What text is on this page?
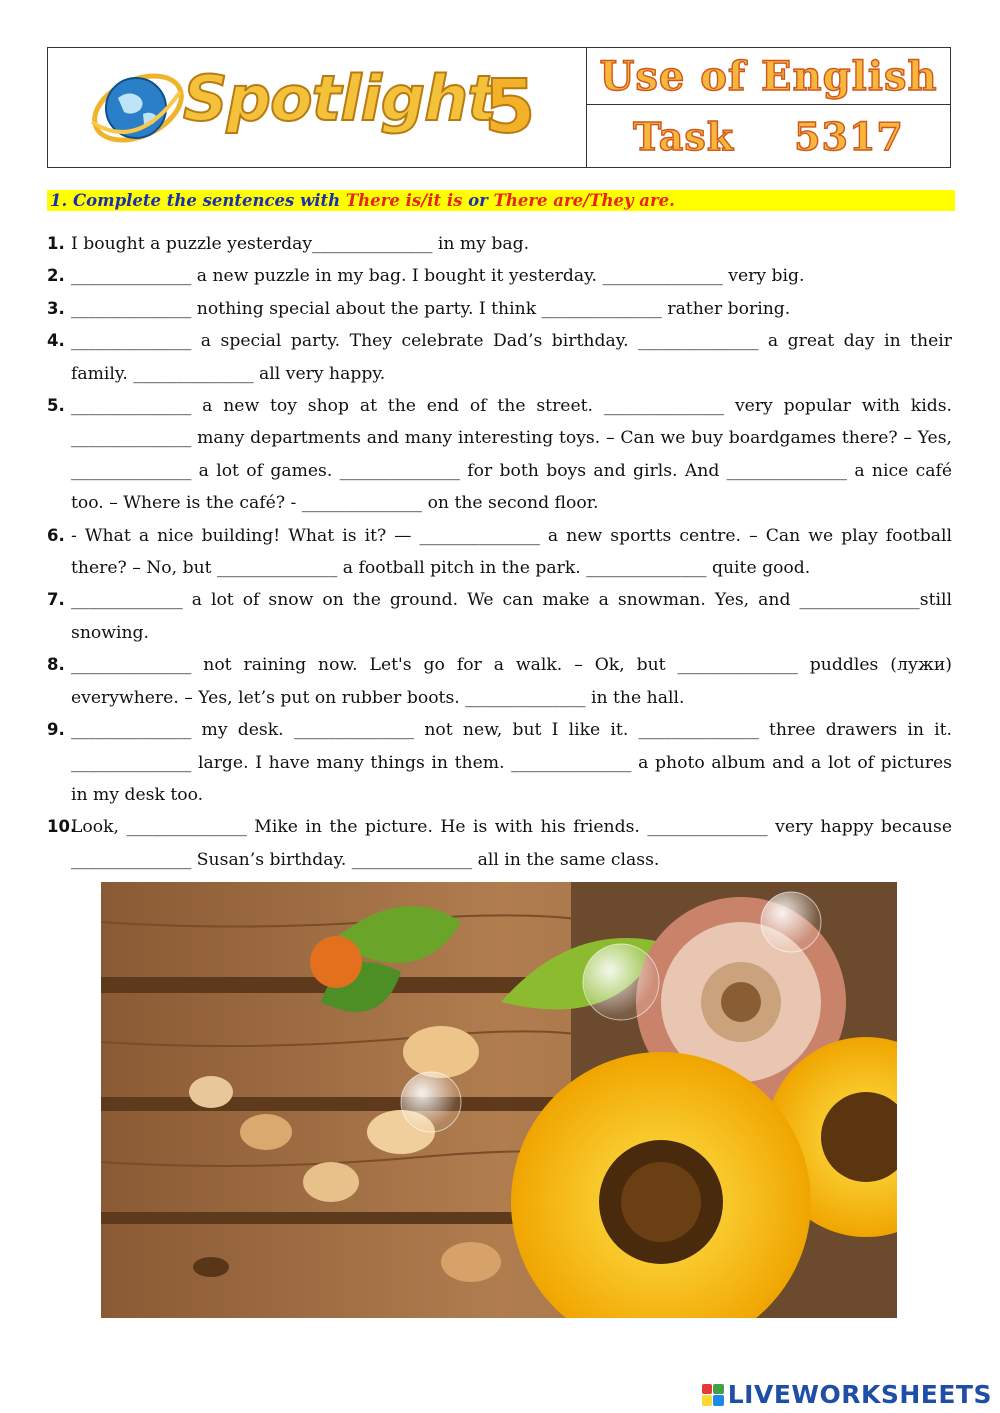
Spotlight
5 Use of English
Task 5317
1. Complete the sentences with There is/it is or There are/They are.
1. I bought a puzzle yesterday______________ in my bag.
2. ______________ a new puzzle in my bag. I bought it yesterday. ______________ very big.
3. ______________ nothing special about the party. I think ______________ rather boring.
4. ______________ a special party. They celebrate Dad’s birthday. ______________ a great day in their family. ______________ all very happy.
5. ______________ a new toy shop at the end of the street. ______________ very popular with kids. ______________ many departments and many interesting toys. – Can we buy boardgames there? – Yes, ______________ a lot of games. ______________ for both boys and girls. And ______________ a nice café too. – Where is the café? - ______________ on the second floor.
6. - What a nice building! What is it? — ______________ a new sportts centre. – Can we play football there? – No, but ______________ a football pitch in the park. ______________ quite good.
7. _____________ a lot of snow on the ground. We can make a snowman. Yes, and ______________still snowing.
8. ______________ not raining now. Let's go for a walk. – Ok, but ______________ puddles (лужи) everywhere. – Yes, let’s put on rubber boots. ______________ in the hall.
9. ______________ my desk. ______________ not new, but I like it. ______________ three drawers in it. ______________ large. I have many things in them. ______________ a photo album and a lot of pictures in my desk too.
10.
Look, ______________ Mike in the picture. He is with his friends. ______________ very happy because ______________ Susan’s birthday. ______________ all in the same class.
LIVEWORKSHEETS
